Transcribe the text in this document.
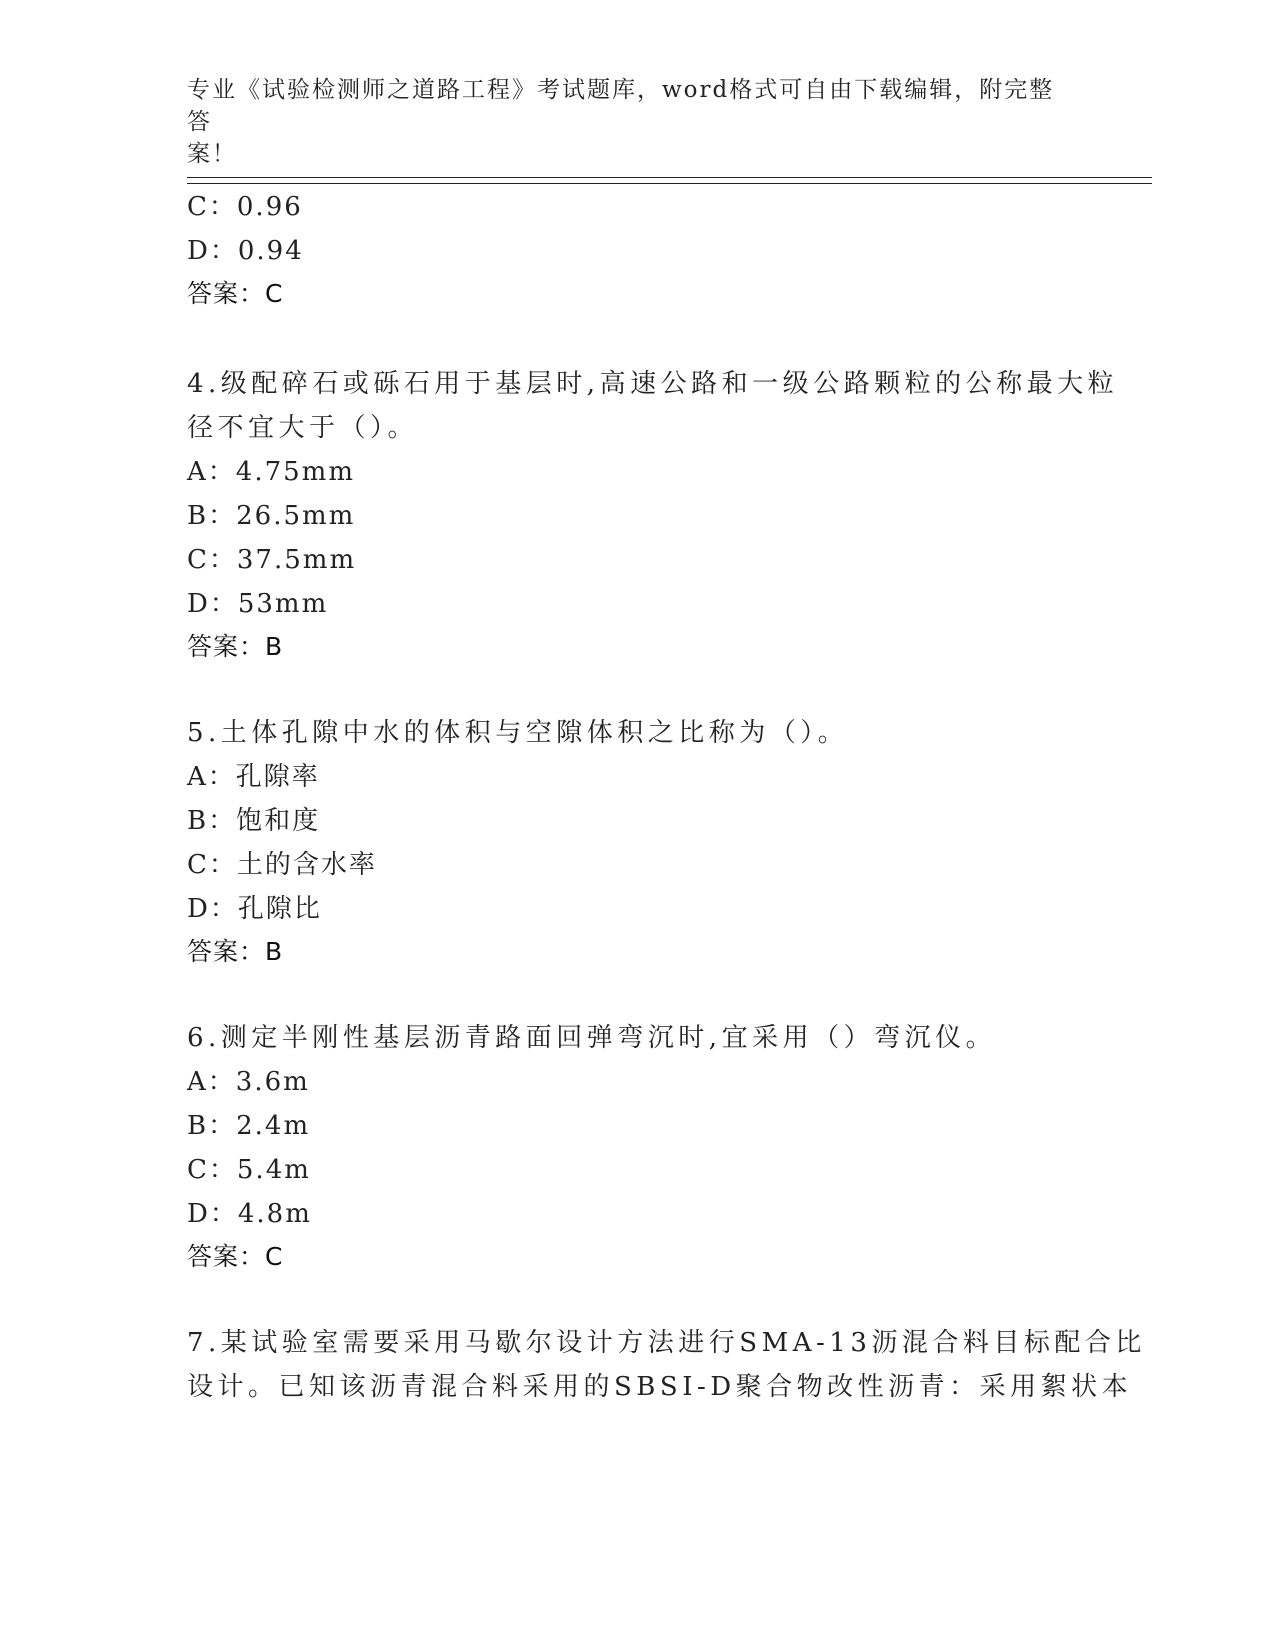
专业《试验检测师之道路工程》考试题库，word格式可自由下载编辑，附完整答
案！
C：0.96
D：0.94
答案：C
4.级配碎石或砾石用于基层时,高速公路和一级公路颗粒的公称最大粒
径不宜大于（）。
A：4.75mm
B：26.5mm
C：37.5mm
D：53mm
答案：B
5.土体孔隙中水的体积与空隙体积之比称为（）。
A：孔隙率
B：饱和度
C：土的含水率
D：孔隙比
答案：B
6.测定半刚性基层沥青路面回弹弯沉时,宜采用（）弯沉仪。
A：3.6m
B：2.4m
C：5.4m
D：4.8m
答案：C
7.某试验室需要采用马歇尔设计方法进行SMA-13沥混合料目标配合比
设计。已知该沥青混合料采用的SBSI-D聚合物改性沥青：采用絮状本
